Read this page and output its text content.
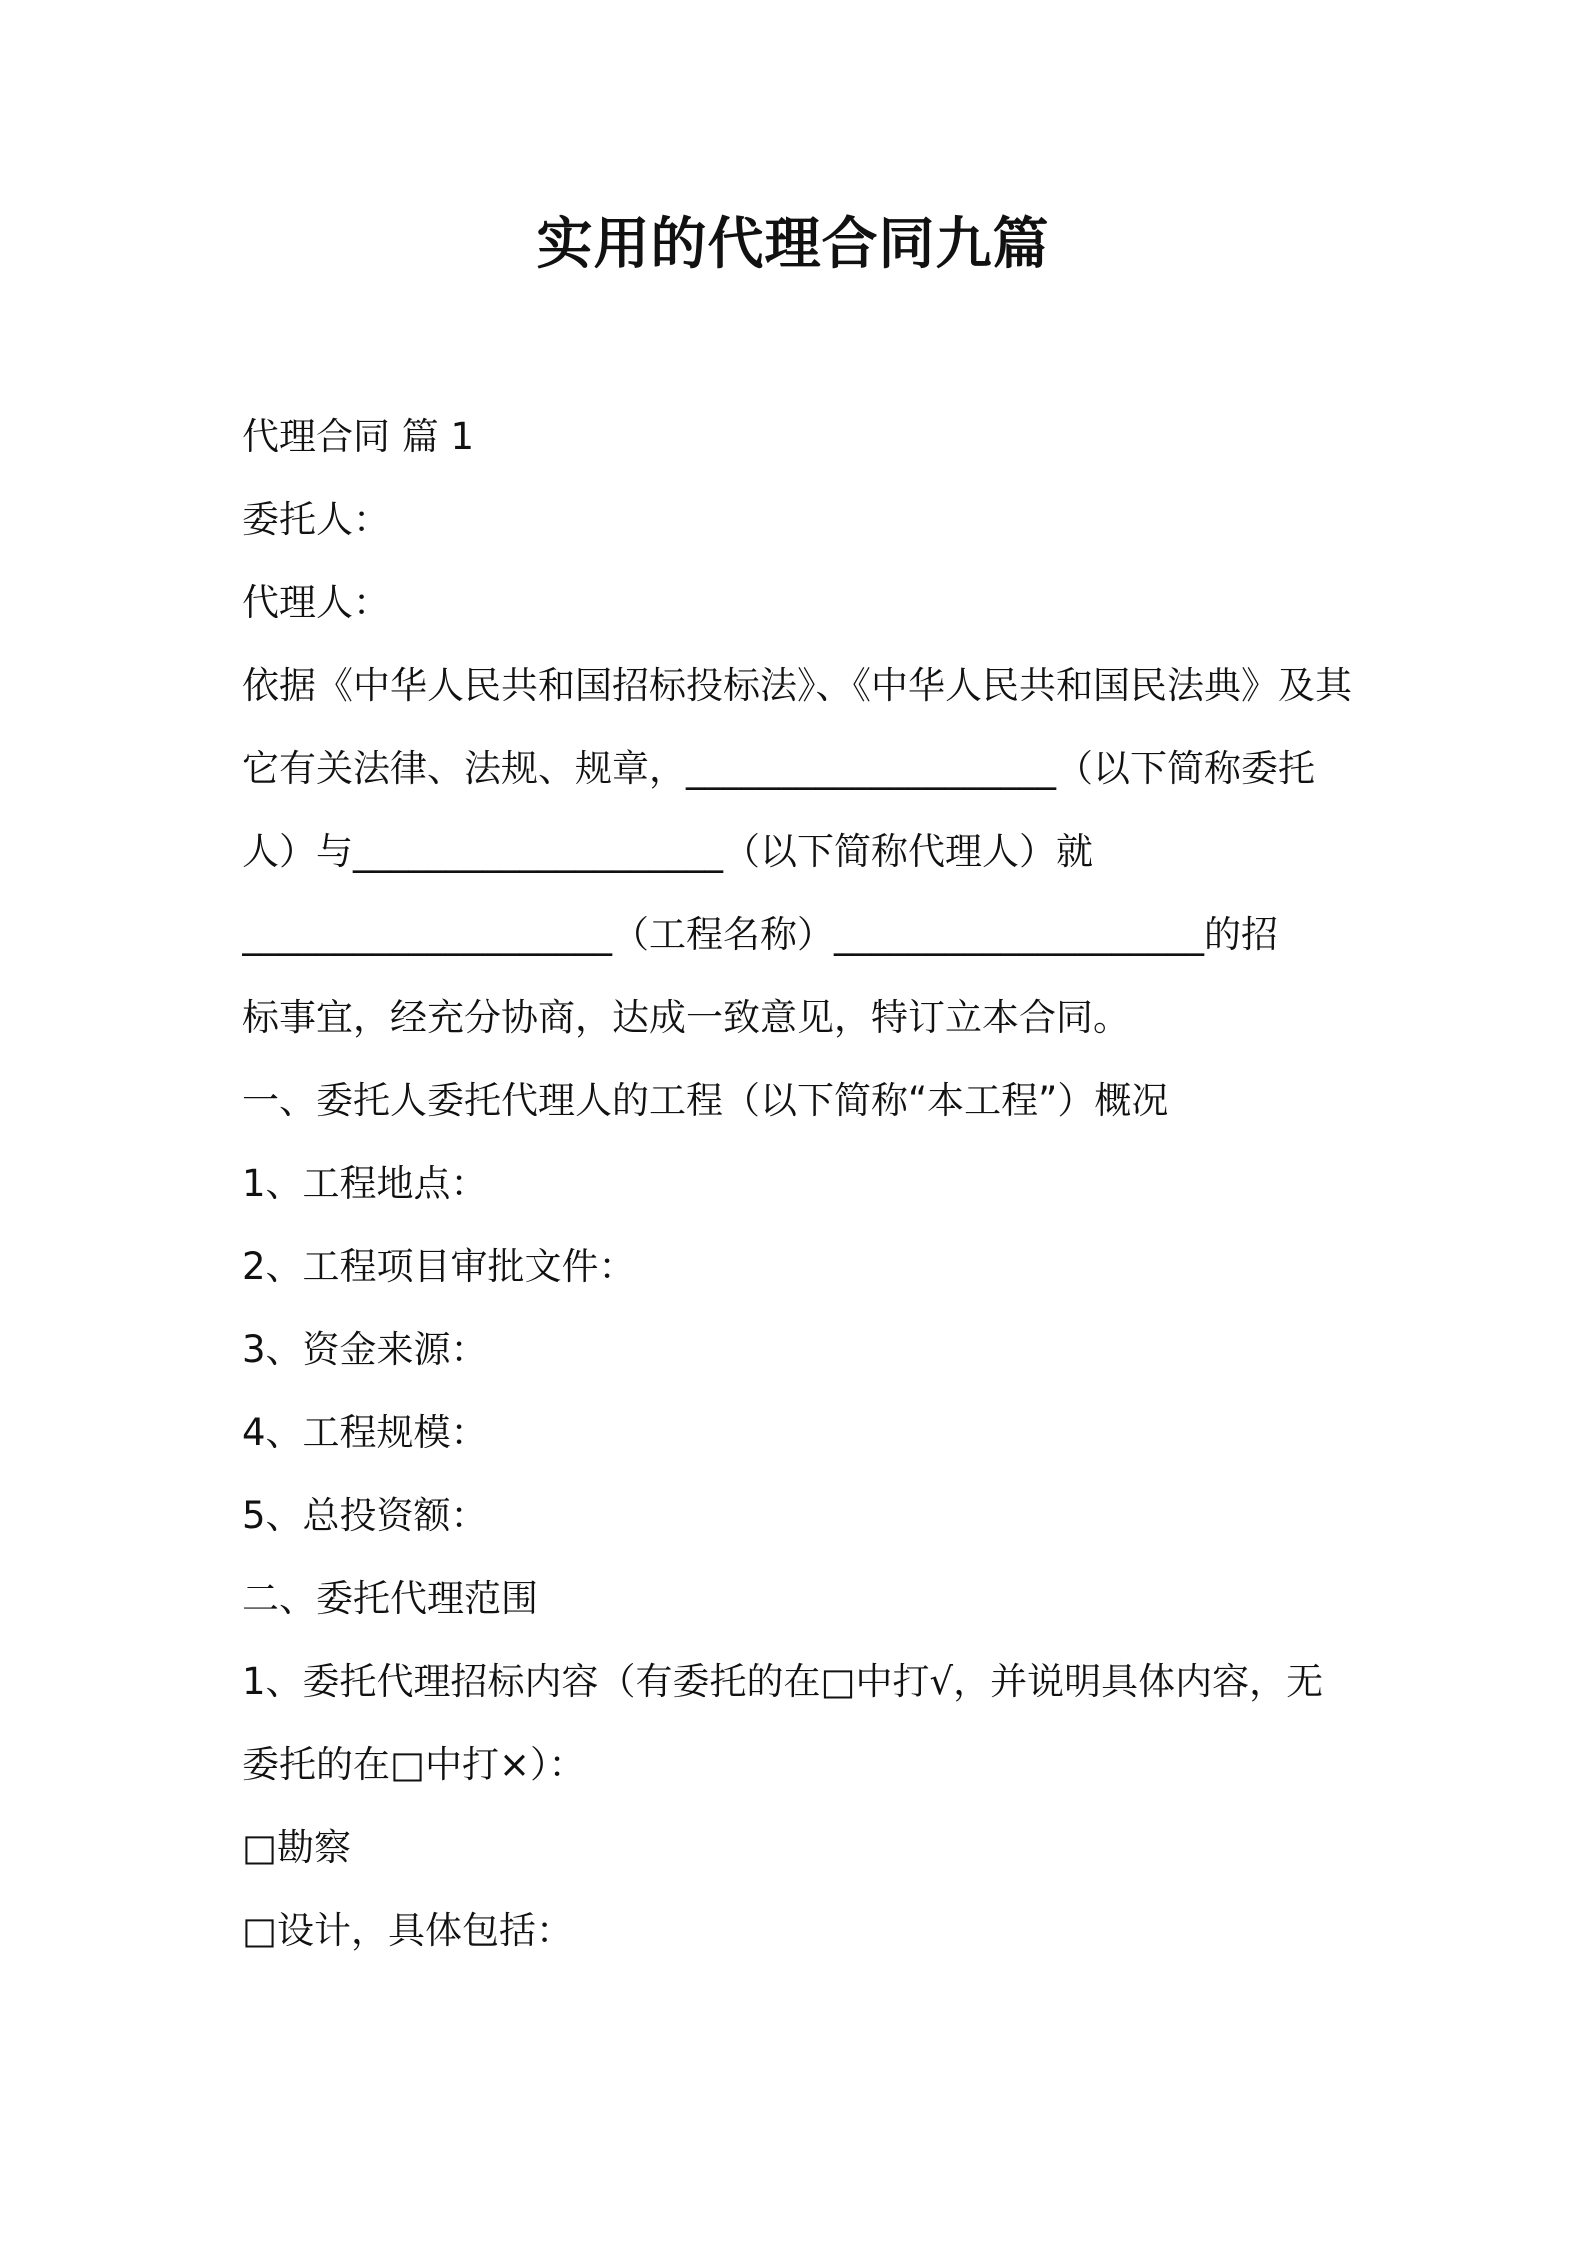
实用的代理合同九篇
代理合同 篇 1
委托人：
代理人：
依据《中华人民共和国招标投标法》、《中华人民共和国民法典》及其
它有关法律、法规、规章，____________________（以下简称委托
人）与____________________（以下简称代理人）就
____________________（工程名称）____________________的招
标事宜，经充分协商，达成一致意见，特订立本合同。
一、委托人委托代理人的工程（以下简称“本工程”）概况
1、工程地点：
2、工程项目审批文件：
3、资金来源：
4、工程规模：
5、总投资额：
二、委托代理范围
1、委托代理招标内容（有委托的在□中打√，并说明具体内容，无
委托的在□中打×）：
□勘察
□设计，具体包括：
